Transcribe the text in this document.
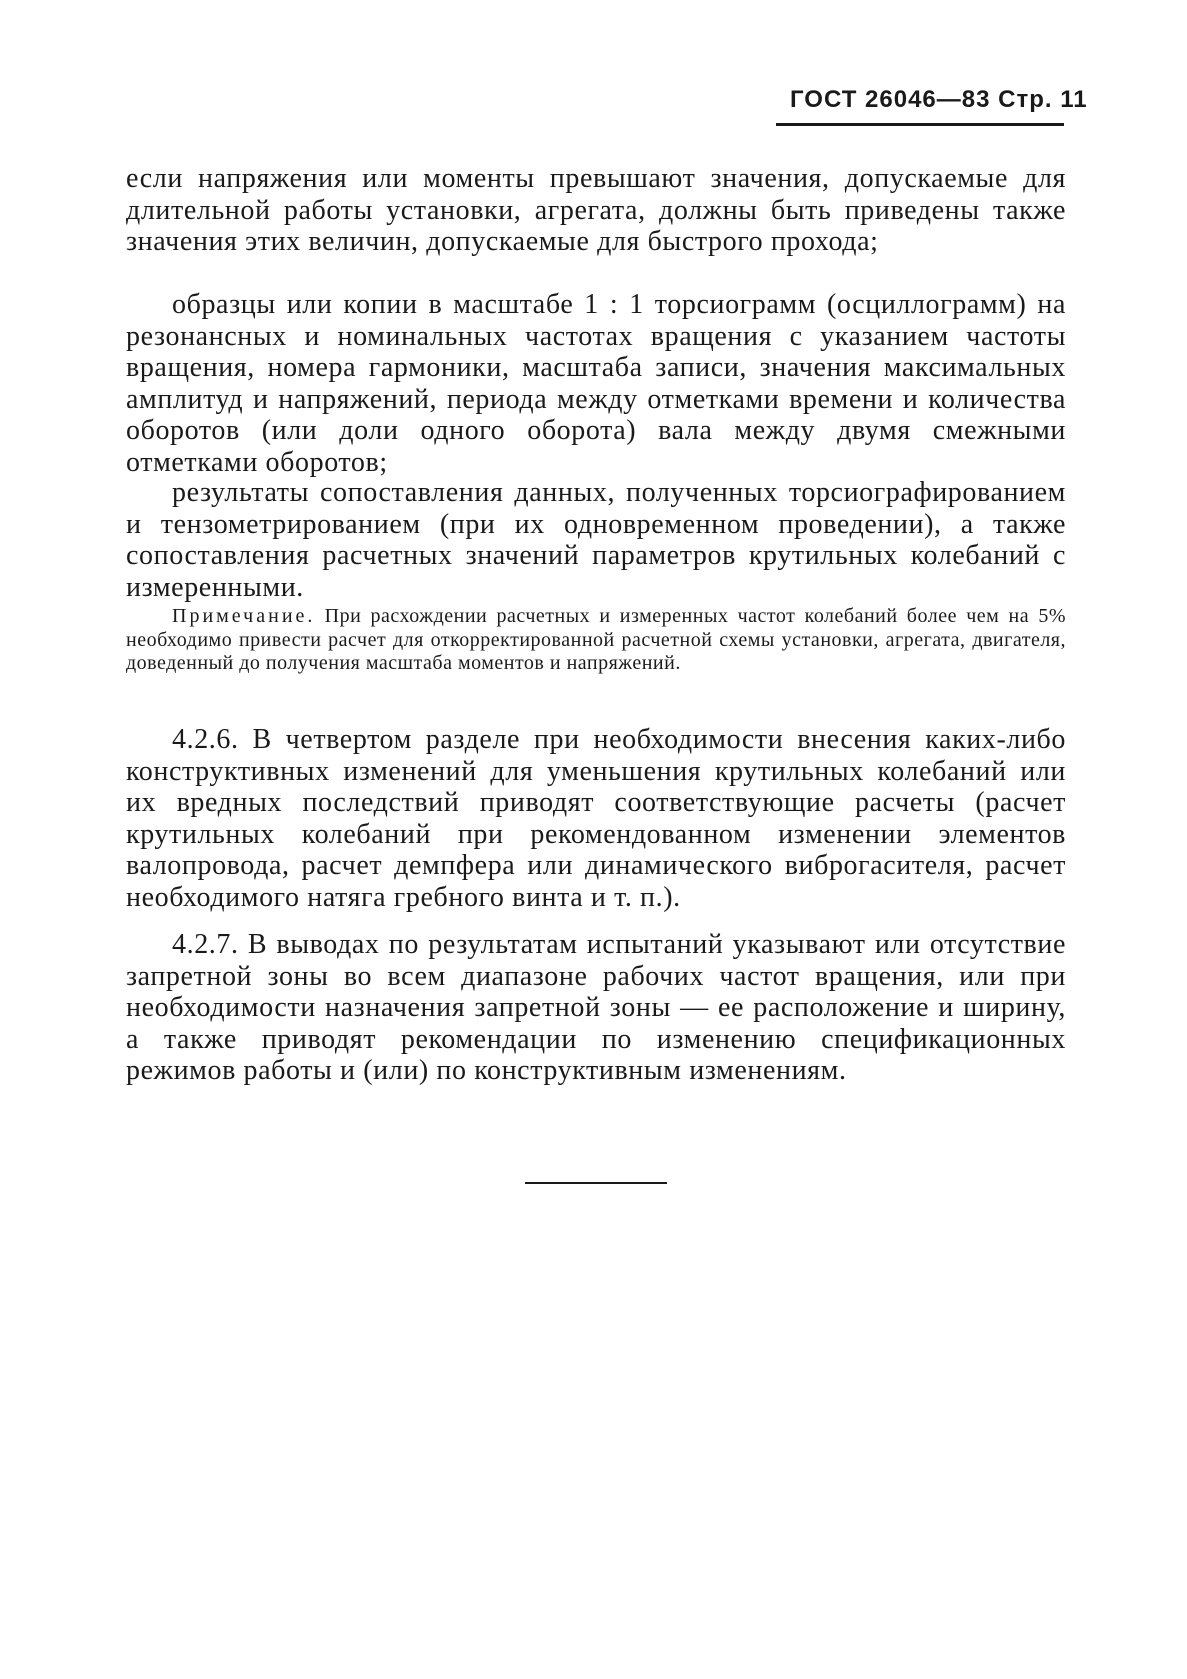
ГОСТ 26046—83 Стр. 11

если напряжения или моменты превышают значения, допускаемые для длительной работы установки, агрегата, должны быть приведены также значения этих величин, допускаемые для быстрого прохода;

образцы или копии в масштабе 1 : 1 торсиограмм (осциллограмм) на резонансных и номинальных частотах вращения с указанием частоты вращения, номера гармоники, масштаба записи, значения максимальных амплитуд и напряжений, периода между отметками времени и количества оборотов (или доли одного оборота) вала между двумя смежными отметками оборотов;

результаты сопоставления данных, полученных торсиографированием и тензометрированием (при их одновременном проведении), а также сопоставления расчетных значений параметров крутильных колебаний с измеренными.

Примечание. При расхождении расчетных и измеренных частот колебаний более чем на 5% необходимо привести расчет для откорректированной расчетной схемы установки, агрегата, двигателя, доведенный до получения масштаба моментов и напряжений.

4.2.6. В четвертом разделе при необходимости внесения каких-либо конструктивных изменений для уменьшения крутильных колебаний или их вредных последствий приводят соответствующие расчеты (расчет крутильных колебаний при рекомендованном изменении элементов валопровода, расчет демпфера или динамического виброгасителя, расчет необходимого натяга гребного винта и т. п.).

4.2.7. В выводах по результатам испытаний указывают или отсутствие запретной зоны во всем диапазоне рабочих частот вращения, или при необходимости назначения запретной зоны — ее расположение и ширину, а также приводят рекомендации по изменению спецификационных режимов работы и (или) по конструктивным изменениям.
